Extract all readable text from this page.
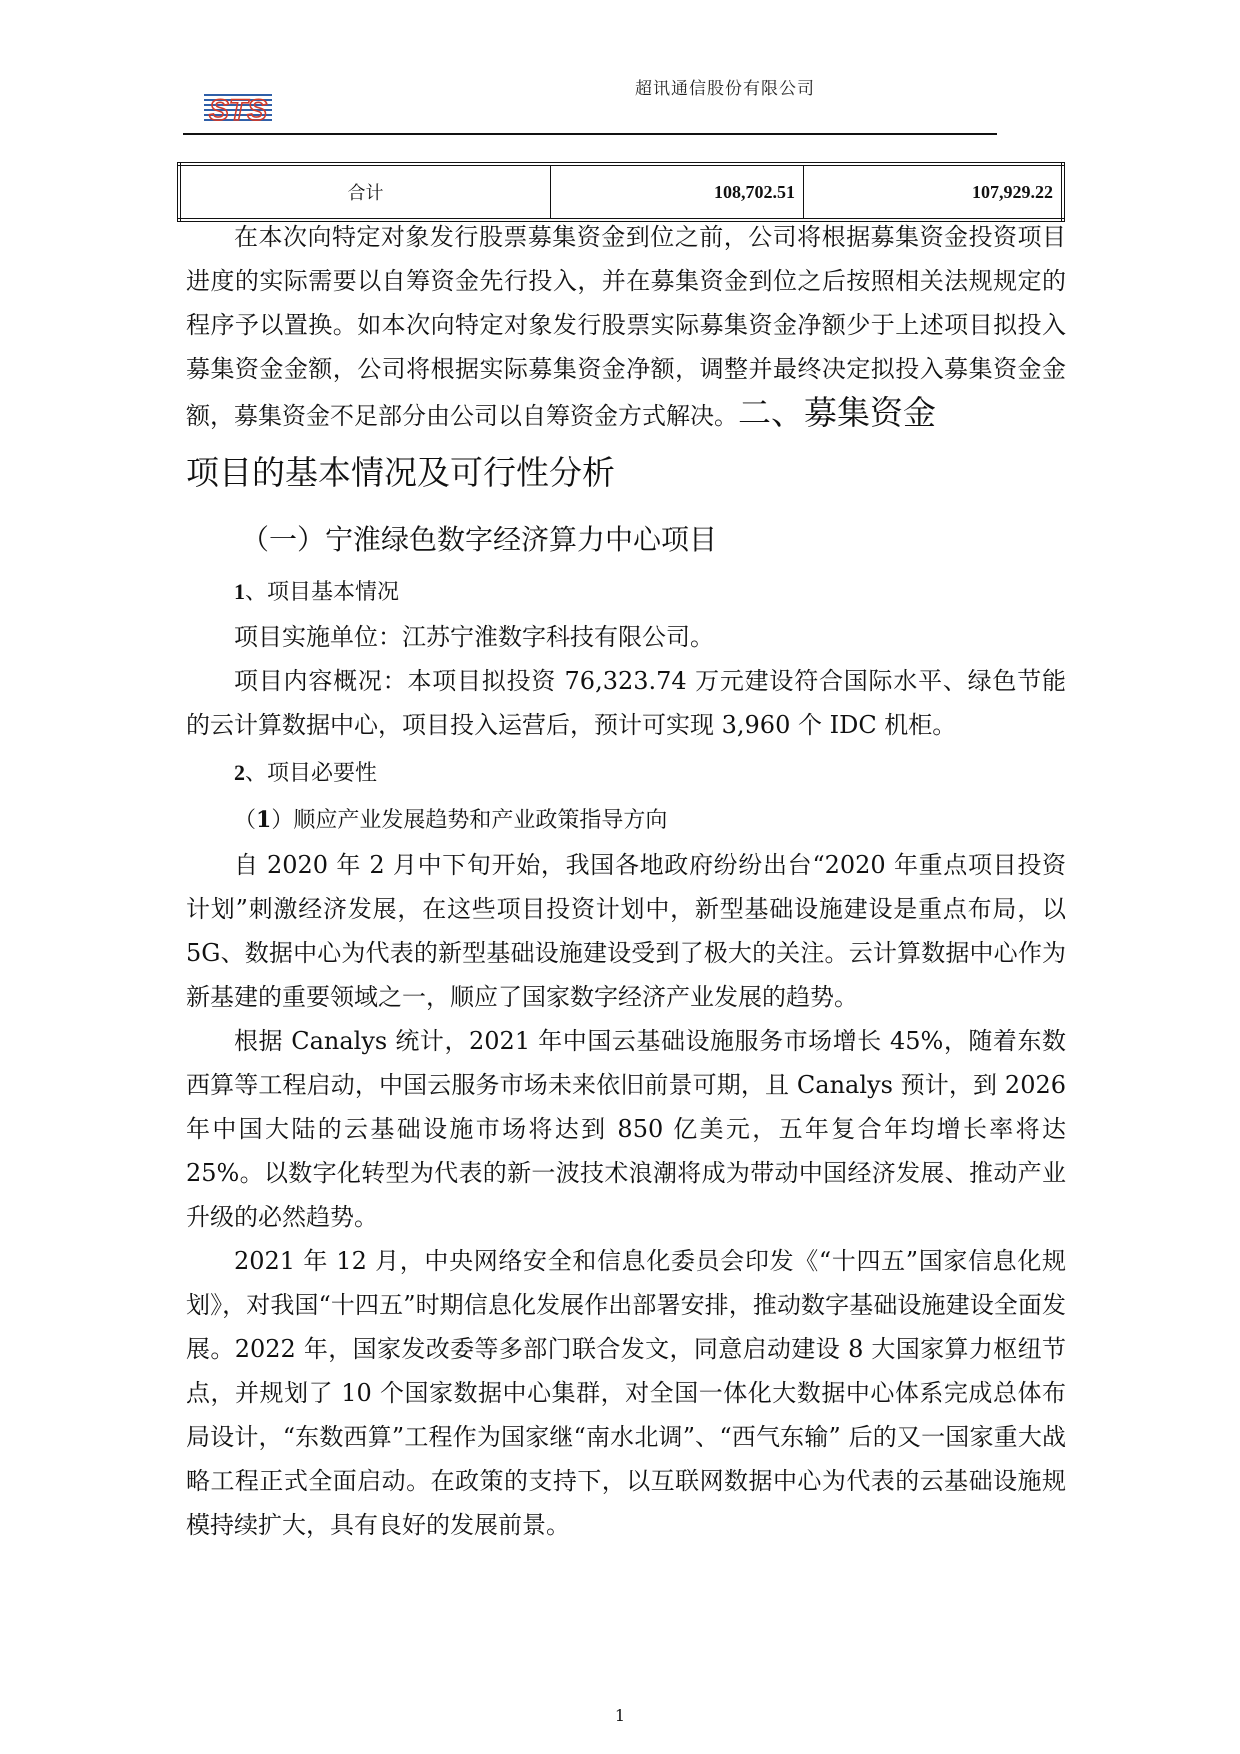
STS
超讯通信股份有限公司
合计	108,702.51	107,929.22

在本次向特定对象发行股票募集资金到位之前，公司将根据募集资金投资项目进度的实际需要以自筹资金先行投入，并在募集资金到位之后按照相关法规规定的程序予以置换。如本次向特定对象发行股票实际募集资金净额少于上述项目拟投入募集资金金额，公司将根据实际募集资金净额，调整并最终决定拟投入募集资金金额，募集资金不足部分由公司以自筹资金方式解决。二、募集资金

项目的基本情况及可行性分析
（一）宁淮绿色数字经济算力中心项目
1、项目基本情况

项目实施单位：江苏宁淮数字科技有限公司。

项目内容概况：本项目拟投资 76,323.74 万元建设符合国际水平、绿色节能的云计算数据中心，项目投入运营后，预计可实现 3,960 个 IDC 机柜。

2、项目必要性
（1）顺应产业发展趋势和产业政策指导方向

自 2020 年 2 月中下旬开始，我国各地政府纷纷出台“2020 年重点项目投资计划”刺激经济发展，在这些项目投资计划中，新型基础设施建设是重点布局，以 5G、数据中心为代表的新型基础设施建设受到了极大的关注。云计算数据中心作为新基建的重要领域之一，顺应了国家数字经济产业发展的趋势。

根据 Canalys 统计，2021 年中国云基础设施服务市场增长 45%，随着东数西算等工程启动，中国云服务市场未来依旧前景可期，且 Canalys 预计，到 2026 年中国大陆的云基础设施市场将达到 850 亿美元，五年复合年均增长率将达 25%。以数字化转型为代表的新一波技术浪潮将成为带动中国经济发展、推动产业升级的必然趋势。

2021 年 12 月，中央网络安全和信息化委员会印发《“十四五”国家信息化规划》，对我国“十四五”时期信息化发展作出部署安排，推动数字基础设施建设全面发展。2022 年，国家发改委等多部门联合发文，同意启动建设 8 大国家算力枢纽节点，并规划了 10 个国家数据中心集群，对全国一体化大数据中心体系完成总体布局设计，“东数西算”工程作为国家继“南水北调”、“西气东输” 后的又一国家重大战略工程正式全面启动。在政策的支持下，以互联网数据中心为代表的云基础设施规模持续扩大，具有良好的发展前景。

1
